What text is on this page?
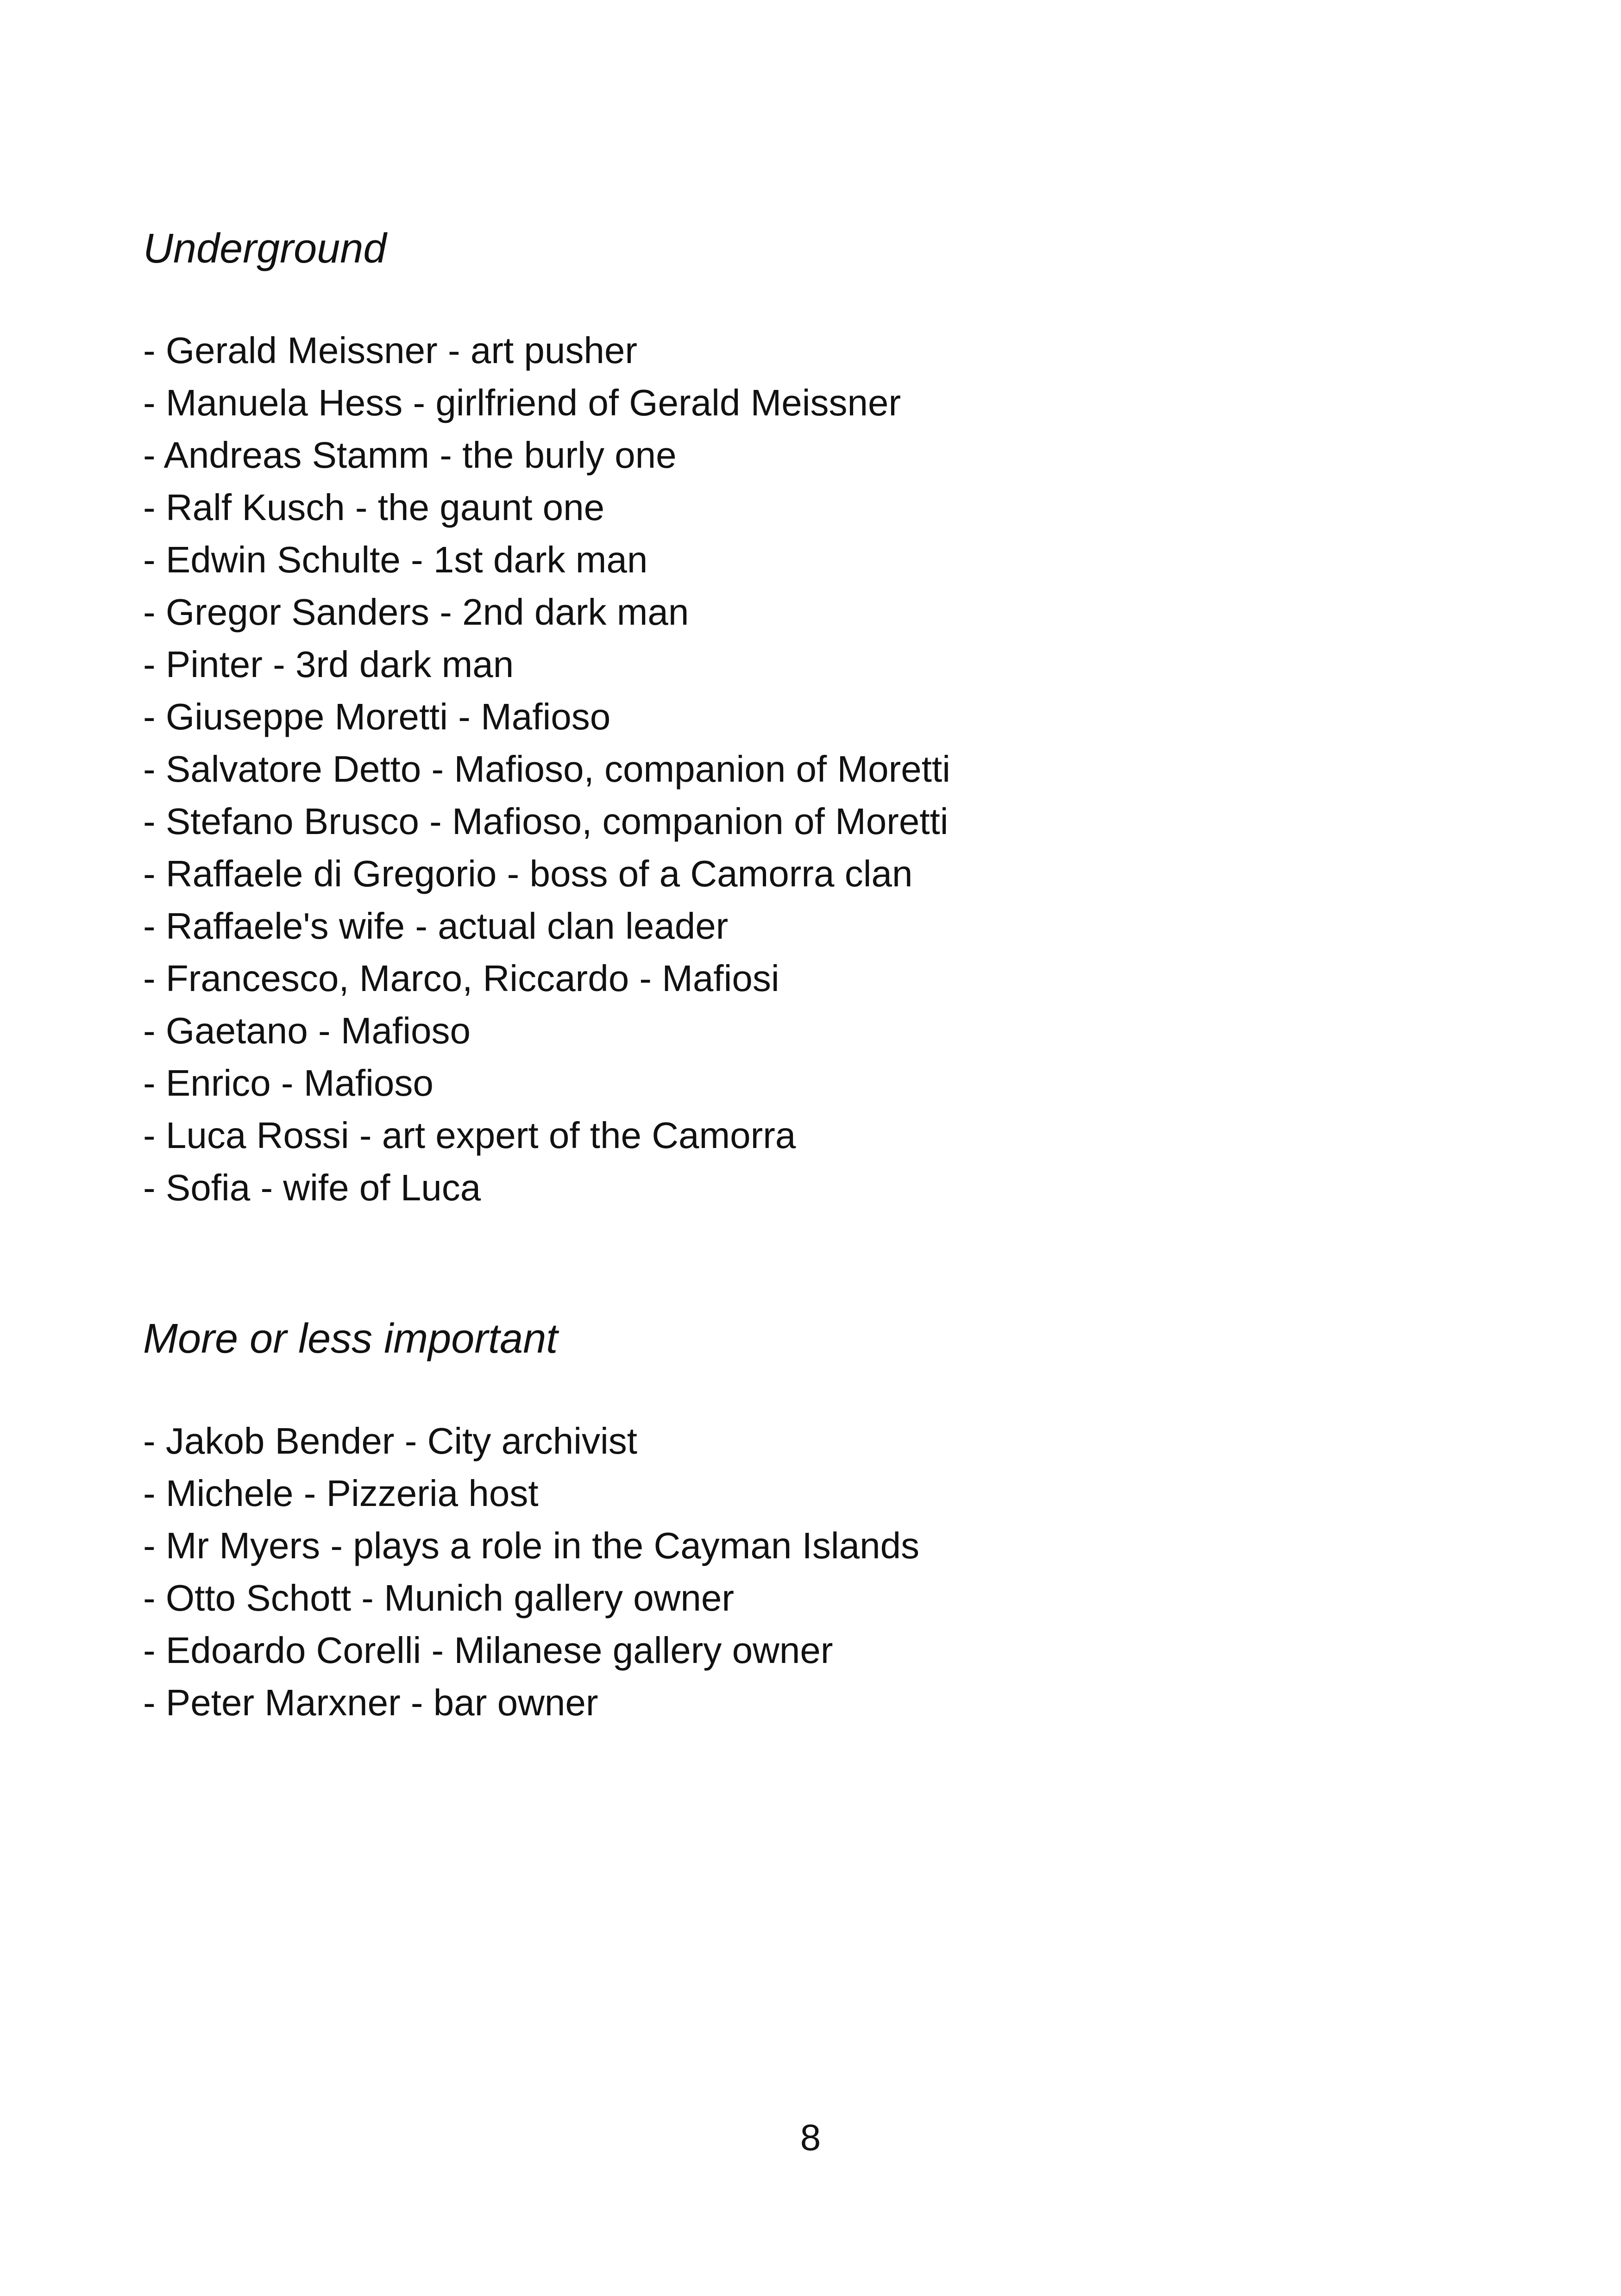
Underground
- Gerald Meissner - art pusher
- Manuela Hess - girlfriend of Gerald Meissner
- Andreas Stamm - the burly one
- Ralf Kusch - the gaunt one
- Edwin Schulte - 1st dark man
- Gregor Sanders - 2nd dark man
- Pinter - 3rd dark man
- Giuseppe Moretti - Mafioso
- Salvatore Detto - Mafioso, companion of Moretti
- Stefano Brusco - Mafioso, companion of Moretti
- Raffaele di Gregorio - boss of a Camorra clan
- Raffaele's wife - actual clan leader
- Francesco, Marco, Riccardo - Mafiosi
- Gaetano - Mafioso
- Enrico - Mafioso
- Luca Rossi - art expert of the Camorra
- Sofia - wife of Luca
More or less important
- Jakob Bender - City archivist
- Michele - Pizzeria host
- Mr Myers - plays a role in the Cayman Islands
- Otto Schott - Munich gallery owner
- Edoardo Corelli - Milanese gallery owner
- Peter Marxner - bar owner
8
